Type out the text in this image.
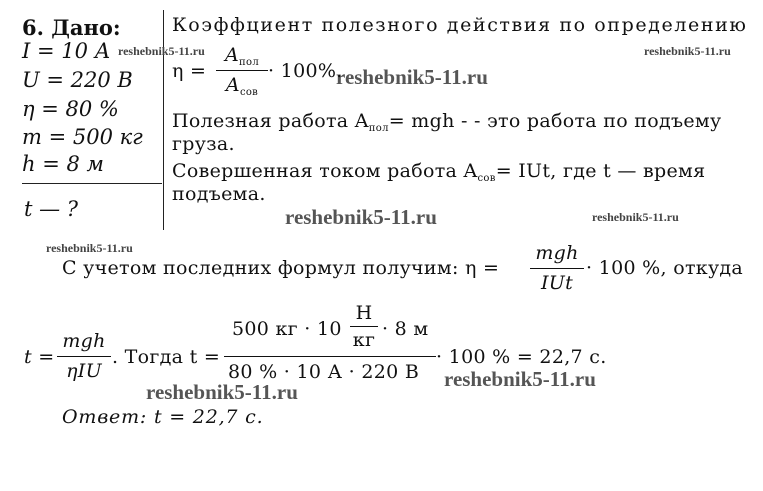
6. Дано:
I = 10 А
U = 220 В
η = 80 %
m = 500 кг
h = 8 м
t — ?
reshebnik5-11.ru	reshebnik5-11.ru
reshebnik5-11.ru
reshebnik5-11.ru	reshebnik5-11.ru
reshebnik5-11.ru
reshebnik5-11.ru
reshebnik5-11.ru
Коэффциент полезного действия по определению
η =
$A_{пол}$
$A_{сов}$
· 100%.
Полезная работа $A_{пол}=$ mgh - - это работа по подъему
груза.
Совершенная током работа $A_{сов}=$ IUt, где t — время
подъема.
С учетом последних формул получим: η =
mgh
IUt
· 100 %, откуда
t =
mgh
ηIU
. Тогда t =
500 кг · 10
Н
кг · 8 м
80 % · 10 А · 220 В
· 100 % = 22,7 с.
Ответ: t = 22,7 с.
